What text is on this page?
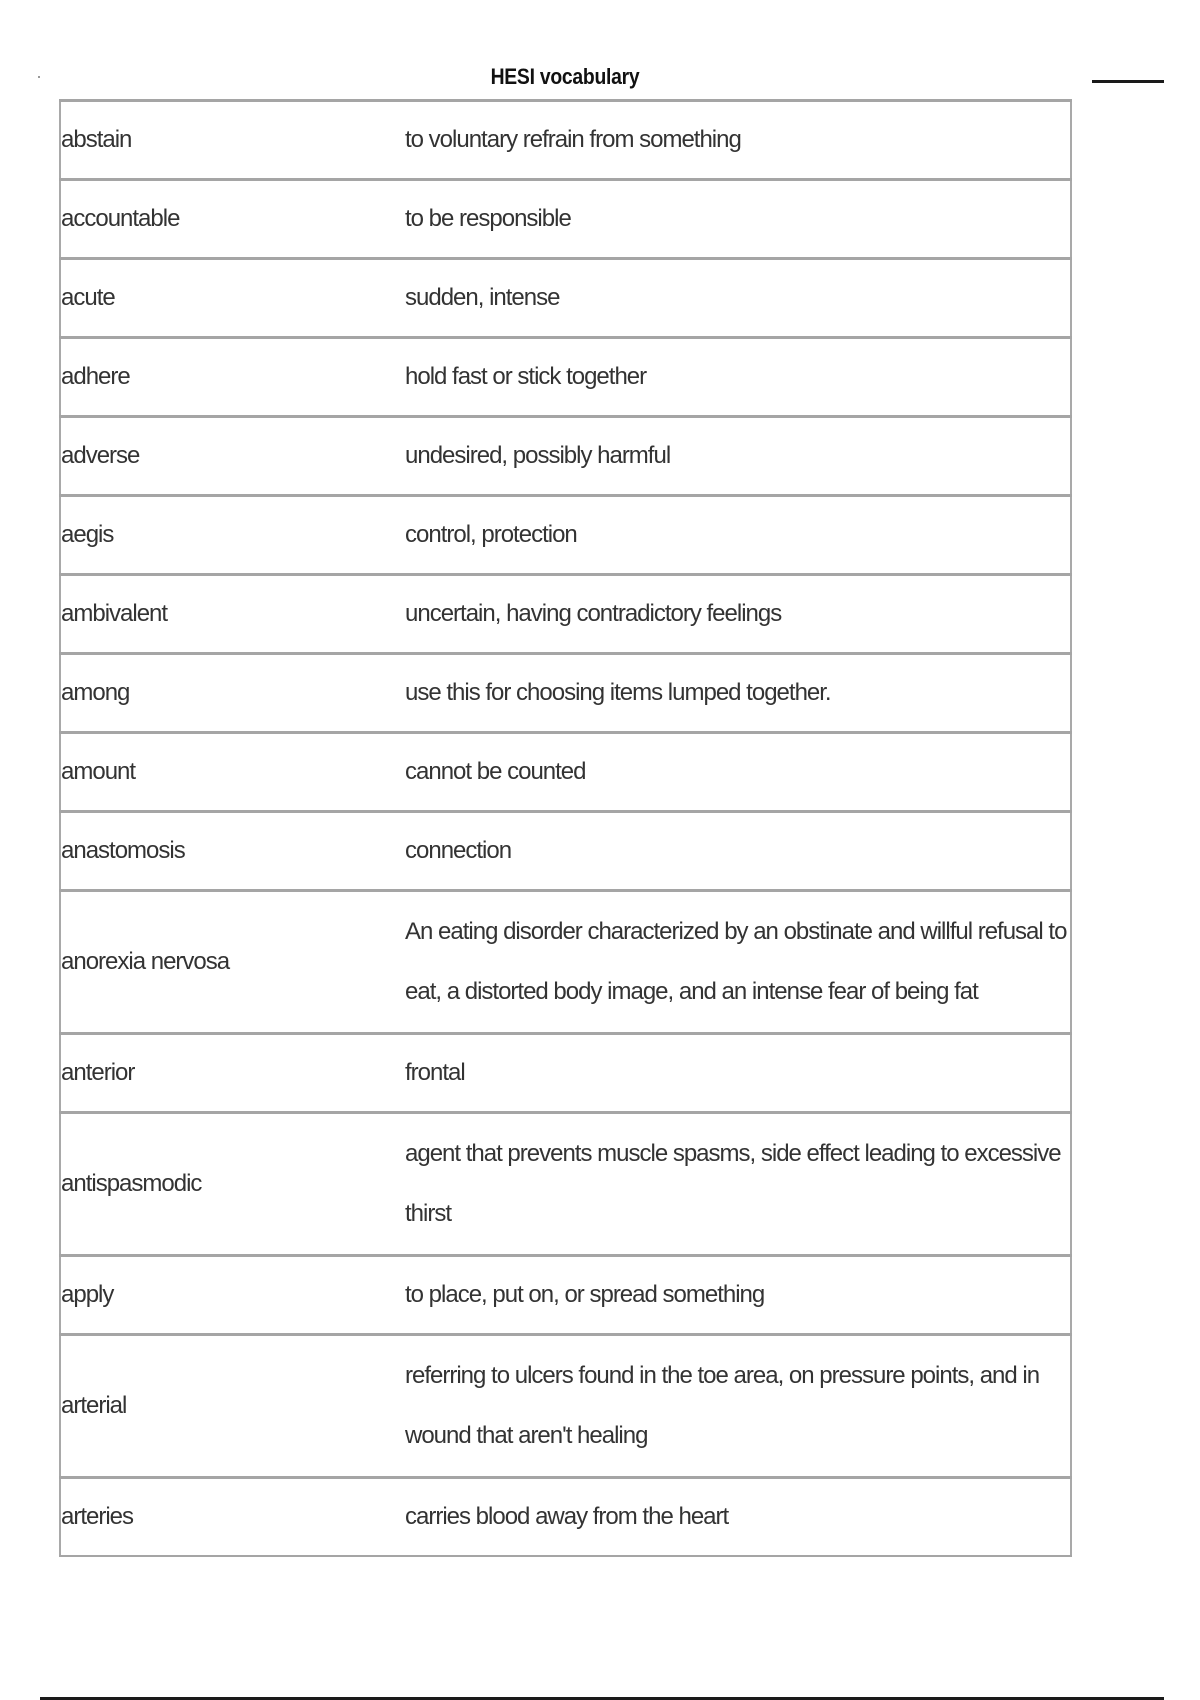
HESI vocabulary
abstain	to voluntary refrain from something
accountable	to be responsible
acute	sudden, intense
adhere	hold fast or stick together
adverse	undesired, possibly harmful
aegis	control, protection
ambivalent	uncertain, having contradictory feelings
among	use this for choosing items lumped together.
amount	cannot be counted
anastomosis	connection
anorexia nervosa	An eating disorder characterized by an obstinate and willful refusal to eat, a distorted body image, and an intense fear of being fat
anterior	frontal
antispasmodic	agent that prevents muscle spasms, side effect leading to excessive thirst
apply	to place, put on, or spread something
arterial	referring to ulcers found in the toe area, on pressure points, and in wound that aren't healing
arteries	carries blood away from the heart
